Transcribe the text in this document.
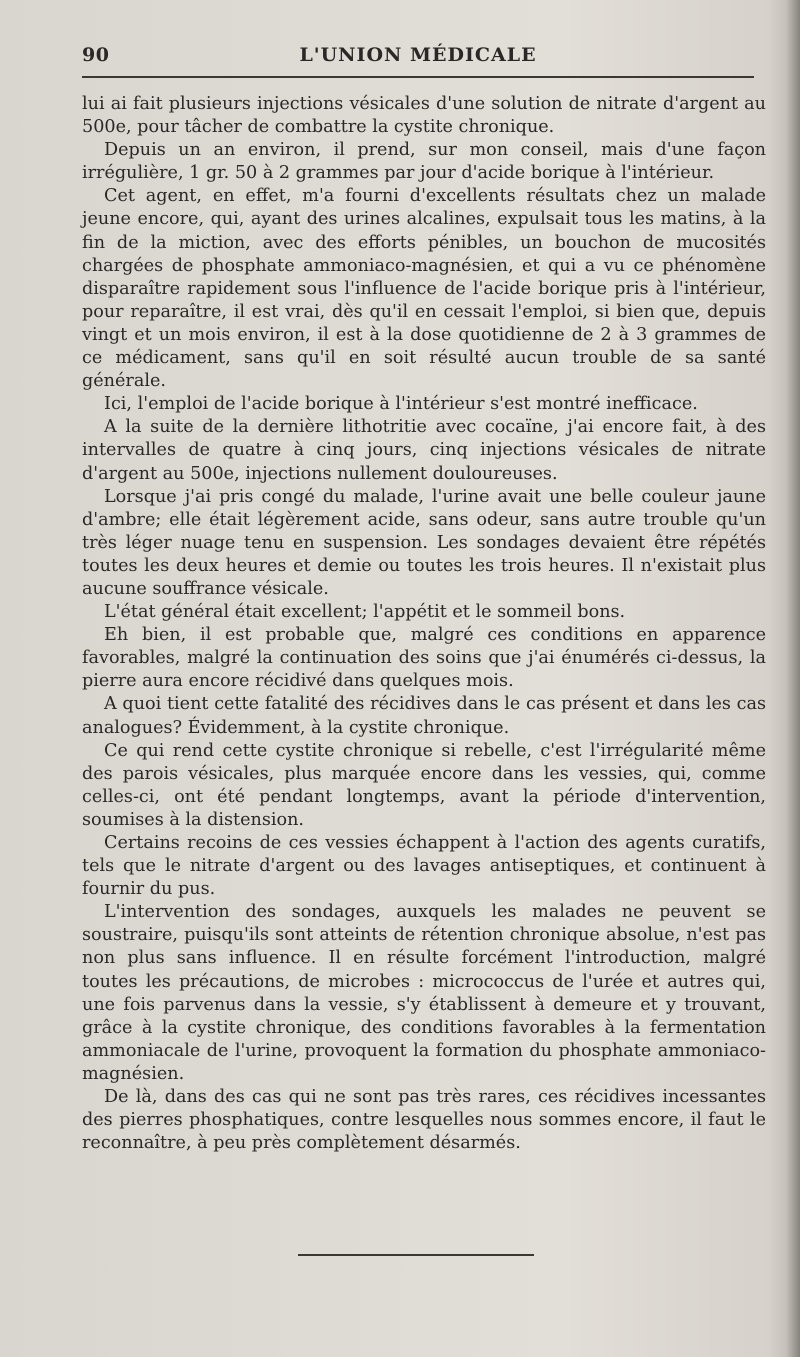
90	L'UNION MÉDICALE

lui ai fait plusieurs injections vésicales d'une solution de nitrate d'argent au 500e, pour tâcher de combattre la cystite chronique.

Depuis un an environ, il prend, sur mon conseil, mais d'une façon irrégulière, 1 gr. 50 à 2 grammes par jour d'acide borique à l'intérieur.

Cet agent, en effet, m'a fourni d'excellents résultats chez un malade jeune encore, qui, ayant des urines alcalines, expulsait tous les matins, à la fin de la miction, avec des efforts pénibles, un bouchon de mucosités chargées de phosphate ammoniaco-magnésien, et qui a vu ce phénomène disparaître rapidement sous l'influence de l'acide borique pris à l'intérieur, pour reparaître, il est vrai, dès qu'il en cessait l'emploi, si bien que, depuis vingt et un mois environ, il est à la dose quotidienne de 2 à 3 grammes de ce médicament, sans qu'il en soit résulté aucun trouble de sa santé générale.

Ici, l'emploi de l'acide borique à l'intérieur s'est montré inefficace.

A la suite de la dernière lithotritie avec cocaïne, j'ai encore fait, à des intervalles de quatre à cinq jours, cinq injections vésicales de nitrate d'argent au 500e, injections nullement douloureuses.

Lorsque j'ai pris congé du malade, l'urine avait une belle couleur jaune d'ambre; elle était légèrement acide, sans odeur, sans autre trouble qu'un très léger nuage tenu en suspension. Les sondages devaient être répétés toutes les deux heures et demie ou toutes les trois heures. Il n'existait plus aucune souffrance vésicale.

L'état général était excellent; l'appétit et le sommeil bons.

Eh bien, il est probable que, malgré ces conditions en apparence favorables, malgré la continuation des soins que j'ai énumérés ci-dessus, la pierre aura encore récidivé dans quelques mois.

A quoi tient cette fatalité des récidives dans le cas présent et dans les cas analogues? Évidemment, à la cystite chronique.

Ce qui rend cette cystite chronique si rebelle, c'est l'irrégularité même des parois vésicales, plus marquée encore dans les vessies, qui, comme celles-ci, ont été pendant longtemps, avant la période d'intervention, soumises à la distension.

Certains recoins de ces vessies échappent à l'action des agents curatifs, tels que le nitrate d'argent ou des lavages antiseptiques, et continuent à fournir du pus.

L'intervention des sondages, auxquels les malades ne peuvent se soustraire, puisqu'ils sont atteints de rétention chronique absolue, n'est pas non plus sans influence. Il en résulte forcément l'introduction, malgré toutes les précautions, de microbes : micrococcus de l'urée et autres qui, une fois parvenus dans la vessie, s'y établissent à demeure et y trouvant, grâce à la cystite chronique, des conditions favorables à la fermentation ammoniacale de l'urine, provoquent la formation du phosphate ammoniaco-magnésien.

De là, dans des cas qui ne sont pas très rares, ces récidives incessantes des pierres phosphatiques, contre lesquelles nous sommes encore, il faut le reconnaître, à peu près complètement désarmés.
